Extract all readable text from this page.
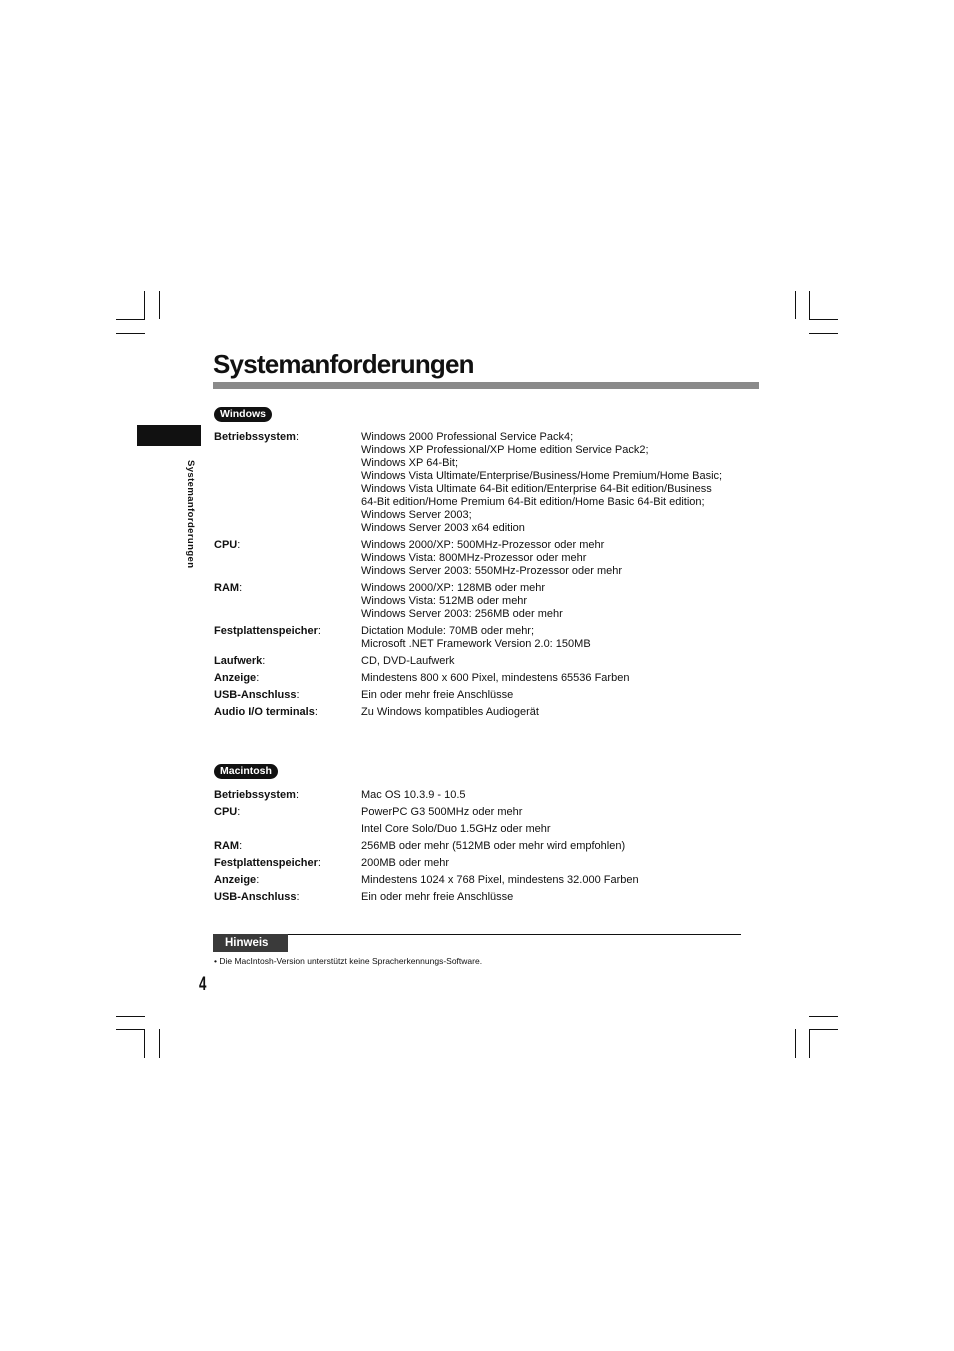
Systemanforderungen
Systemanforderungen
Windows
Betriebssystem:	Windows 2000 Professional Service Pack4;
Windows XP Professional/XP Home edition Service Pack2;
Windows XP 64-Bit;
Windows Vista Ultimate/Enterprise/Business/Home Premium/Home Basic;
Windows Vista Ultimate 64-Bit edition/Enterprise 64-Bit edition/Business
64-Bit edition/Home Premium 64-Bit edition/Home Basic 64-Bit edition;
Windows Server 2003;
Windows Server 2003 x64 edition
CPU:	Windows 2000/XP: 500MHz-Prozessor oder mehr
Windows Vista: 800MHz-Prozessor oder mehr
Windows Server 2003: 550MHz-Prozessor oder mehr
RAM:	Windows 2000/XP: 128MB oder mehr
Windows Vista: 512MB oder mehr
Windows Server 2003: 256MB oder mehr
Festplattenspeicher:	Dictation Module: 70MB oder mehr;
Microsoft .NET Framework Version 2.0: 150MB
Laufwerk:	CD, DVD-Laufwerk
Anzeige:	Mindestens 800 x 600 Pixel, mindestens 65536 Farben
USB-Anschluss:	Ein oder mehr freie Anschlüsse
Audio I/O terminals:	Zu Windows kompatibles Audiogerät
Macintosh
Betriebssystem:	Mac OS 10.3.9 - 10.5
CPU:	PowerPC G3 500MHz oder mehr
Intel Core Solo/Duo 1.5GHz oder mehr
RAM:	256MB oder mehr (512MB oder mehr wird empfohlen)
Festplattenspeicher:	200MB oder mehr
Anzeige:	Mindestens 1024 x 768 Pixel, mindestens 32.000 Farben
USB-Anschluss:	Ein oder mehr freie Anschlüsse
Hinweis
• Die MacIntosh-Version unterstützt keine Spracherkennungs-Software.
4
